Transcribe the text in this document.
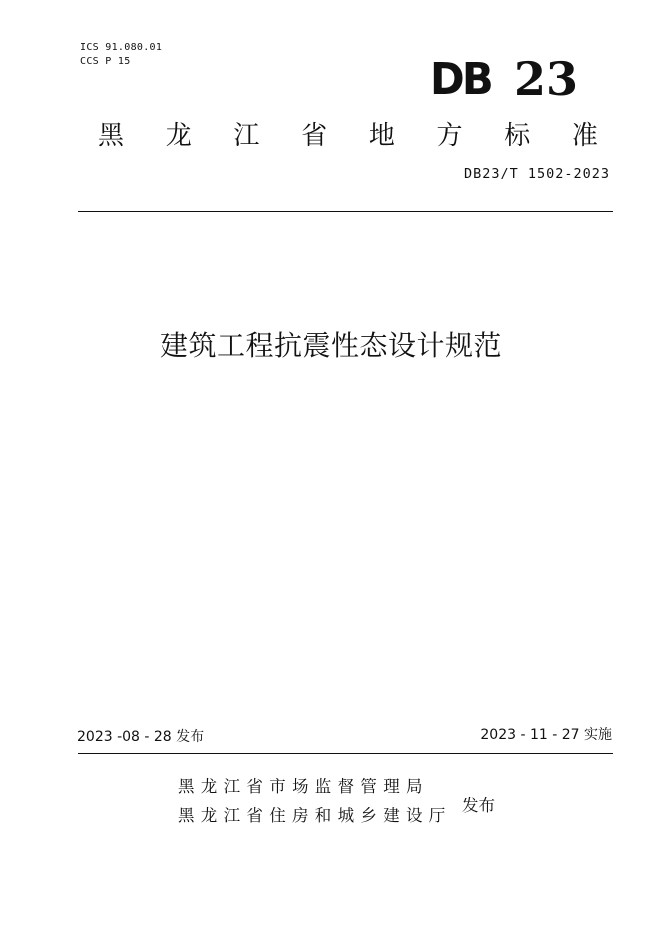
ICS 91.080.01
CCS P 15	DB 23
黑 龙 江 省 地 方 标 准
DB23/T 1502-2023
建筑工程抗震性态设计规范
2023 -08 - 28 发布	2023 - 11 - 27 实施
黑龙江省市场监督管理局
黑龙江省住房和城乡建设厅
发布
